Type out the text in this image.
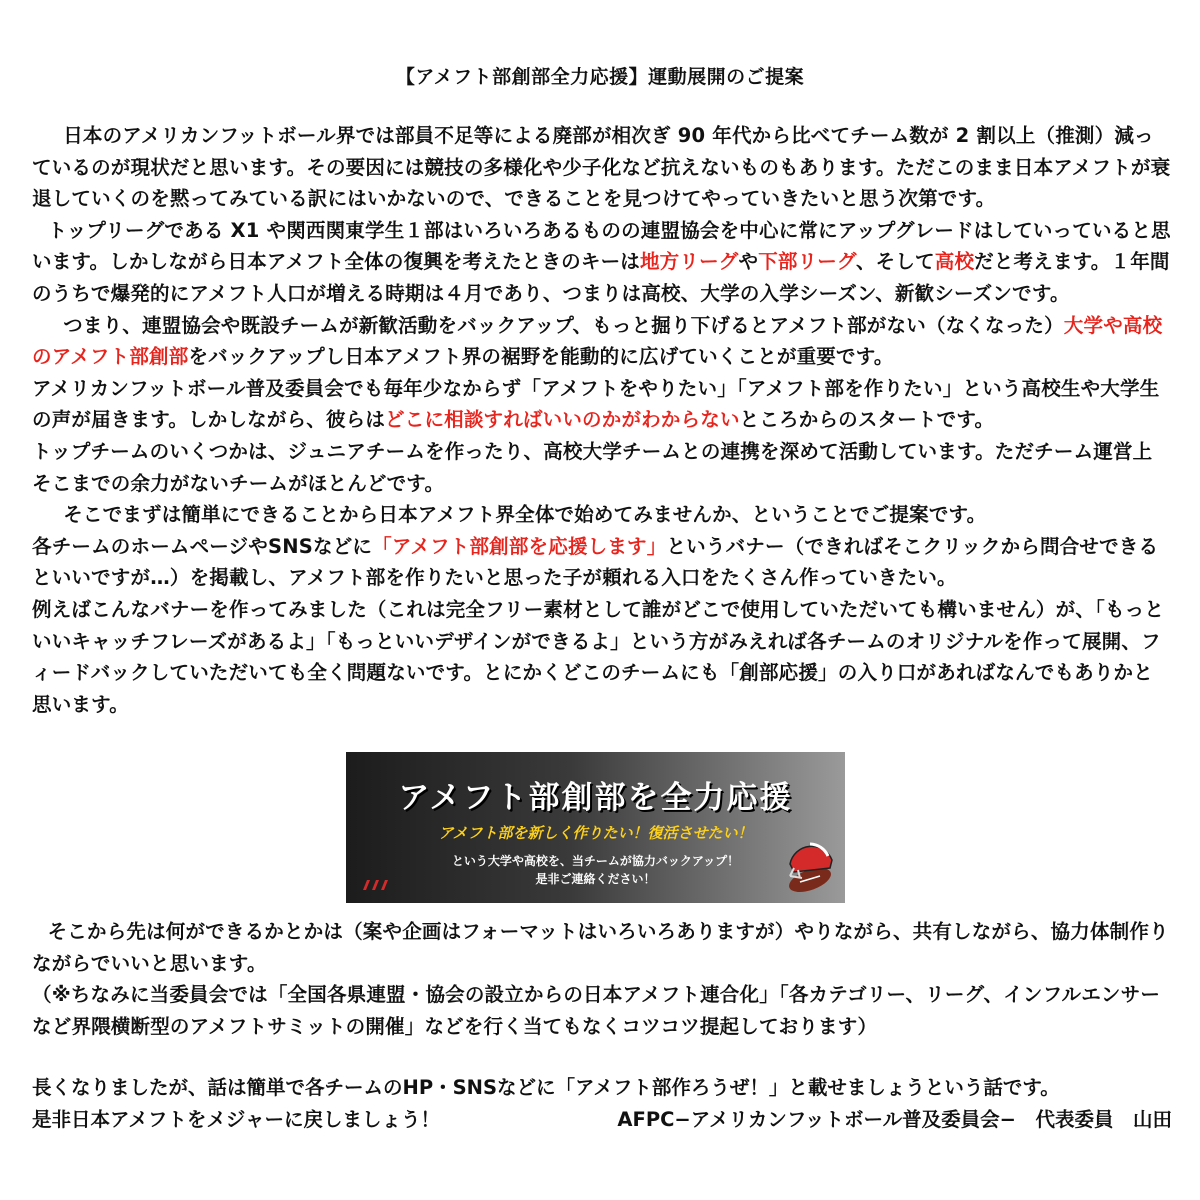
【アメフト部創部全力応援】運動展開のご提案

日本のアメリカンフットボール界では部員不足等による廃部が相次ぎ 90 年代から比べてチーム数が 2 割以上（推測）減っているのが現状だと思います。その要因には競技の多様化や少子化など抗えないものもあります。ただこのまま日本アメフトが衰退していくのを黙ってみている訳にはいかないので、できることを見つけてやっていきたいと思う次第です。

トップリーグである X1 や関西関東学生１部はいろいろあるものの連盟協会を中心に常にアップグレードはしていっていると思います。しかしながら日本アメフト全体の復興を考えたときのキーは地方リーグや下部リーグ、そして高校だと考えます。１年間のうちで爆発的にアメフト人口が増える時期は４月であり、つまりは高校、大学の入学シーズン、新歓シーズンです。

つまり、連盟協会や既設チームが新歓活動をバックアップ、もっと掘り下げるとアメフト部がない（なくなった）大学や高校のアメフト部創部をバックアップし日本アメフト界の裾野を能動的に広げていくことが重要です。

アメリカンフットボール普及委員会でも毎年少なからず「アメフトをやりたい」「アメフト部を作りたい」という高校生や大学生の声が届きます。しかしながら、彼らはどこに相談すればいいのかがわからないところからのスタートです。

トップチームのいくつかは、ジュニアチームを作ったり、高校大学チームとの連携を深めて活動しています。ただチーム運営上そこまでの余力がないチームがほとんどです。

そこでまずは簡単にできることから日本アメフト界全体で始めてみませんか、ということでご提案です。

各チームのホームページやSNSなどに「アメフト部創部を応援します」というバナー（できればそこクリックから問合せできるといいですが…）を掲載し、アメフト部を作りたいと思った子が頼れる入口をたくさん作っていきたい。

例えばこんなバナーを作ってみました（これは完全フリー素材として誰がどこで使用していただいても構いません）が、「もっといいキャッチフレーズがあるよ」「もっといいデザインができるよ」という方がみえれば各チームのオリジナルを作って展開、フィードバックしていただいても全く問題ないです。とにかくどこのチームにも「創部応援」の入り口があればなんでもありかと思います。

アメフト部創部を全力応援
アメフト部を新しく作りたい！復活させたい！
という大学や高校を、当チームが協力バックアップ！
是非ご連絡ください！

そこから先は何ができるかとかは（案や企画はフォーマットはいろいろありますが）やりながら、共有しながら、協力体制作りながらでいいと思います。

（※ちなみに当委員会では「全国各県連盟・協会の設立からの日本アメフト連合化」「各カテゴリー、リーグ、インフルエンサーなど界隈横断型のアメフトサミットの開催」などを行く当てもなくコツコツ提起しております）

長くなりましたが、話は簡単で各チームのHP・SNSなどに「アメフト部作ろうぜ！」と載せましょうという話です。

是非日本アメフトをメジャーに戻しましょう！	AFPC−アメリカンフットボール普及委員会−　代表委員　山田
